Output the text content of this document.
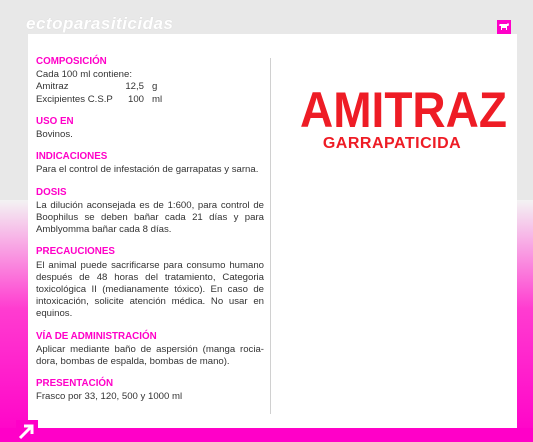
ectoparasiticidas
COMPOSICIÓN
Cada 100 ml contiene:
Amitraz	12,5 g
Excipientes C.S.P	100 ml
USO EN
Bovinos.
INDICACIONES
Para el control de infestación de garrapatas y sarna.
DOSIS
La dilución aconsejada es de 1:600, para control de Boophilus se deben bañar cada 21 días y para Amblyomma bañar cada 8 días.
PRECAUCIONES
El animal puede sacrificarse para consumo humano después de 48 horas del tratamiento, Categoria toxicológica II (medianamente tóxico). En caso de intoxicación, solicite atención médica. No usar en equinos.
VÍA DE ADMINISTRACIÓN
Aplicar mediante baño de aspersión (manga rocia-dora, bombas de espalda, bombas de mano).
PRESENTACIÓN
Frasco por 33, 120, 500 y 1000 ml
AMITRAZ
GARRAPATICIDA
